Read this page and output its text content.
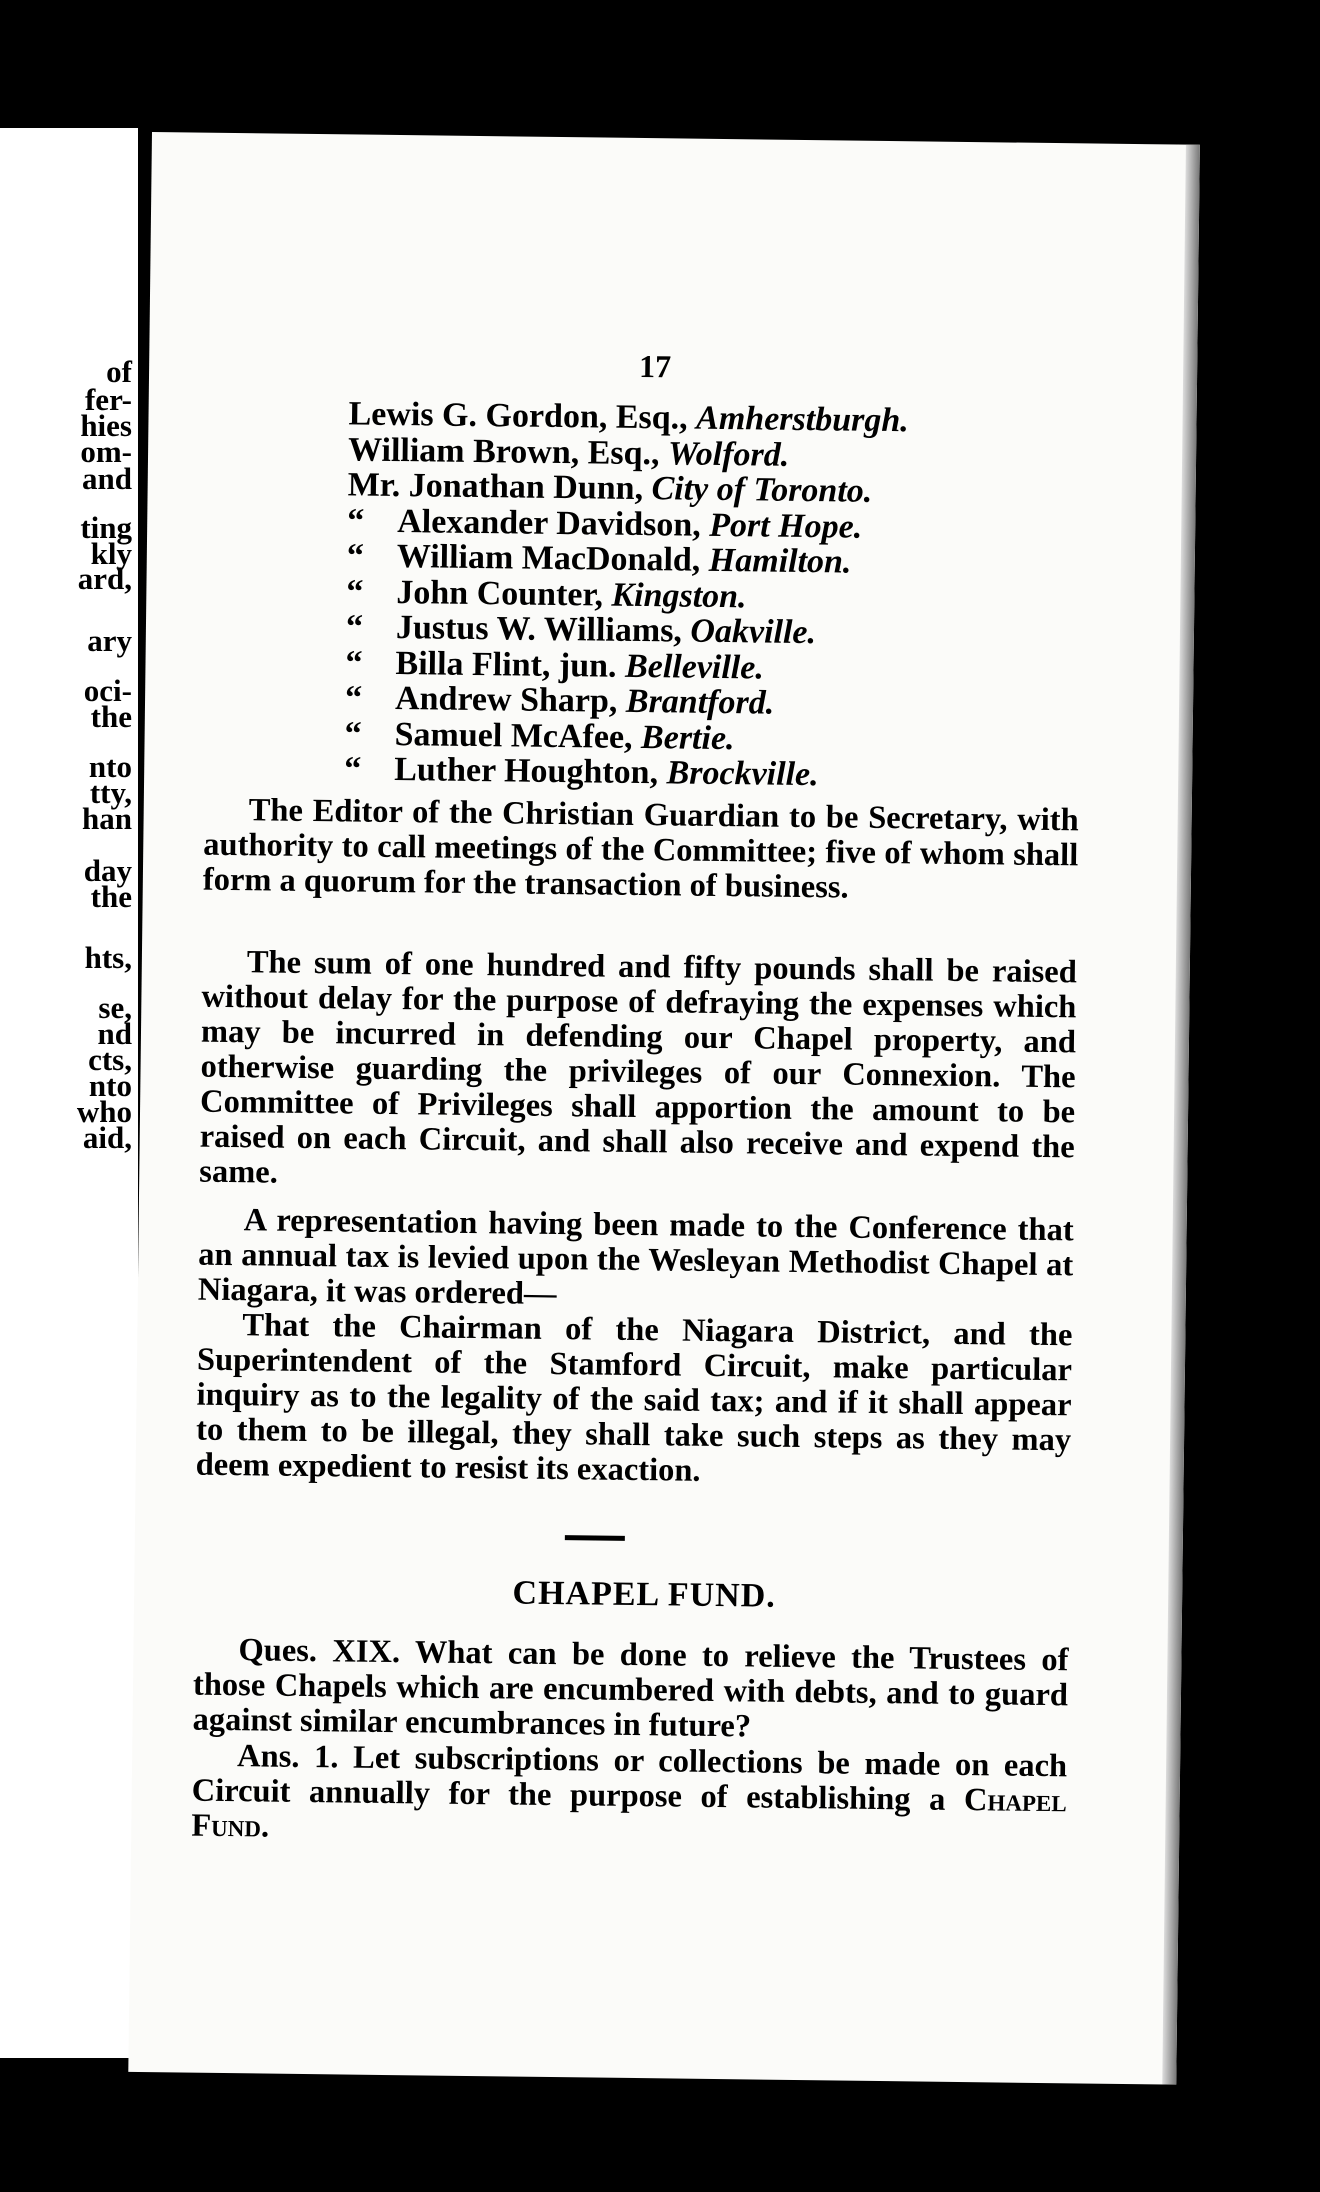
of
fer-
hies
om-
and
ting
kly
ard,
ary
oci-
the
nto
tty,
han
day
the
hts,
se,
nd
cts,
nto
who
aid,
17
Lewis G. Gordon, Esq., Amherstburgh.
William Brown, Esq., Wolford.
Mr. Jonathan Dunn, City of Toronto.
“ Alexander Davidson, Port Hope.
“ William MacDonald, Hamilton.
“ John Counter, Kingston.
“ Justus W. Williams, Oakville.
“ Billa Flint, jun. Belleville.
“ Andrew Sharp, Brantford.
“ Samuel McAfee, Bertie.
“ Luther Houghton, Brockville.

The Editor of the Christian Guardian to be Secretary, with authority to call meetings of the Committee; five of whom shall form a quorum for the transaction of business.

The sum of one hundred and fifty pounds shall be raised without delay for the purpose of defraying the expenses which may be incurred in defending our Chapel property, and otherwise guarding the privileges of our Connexion. The Committee of Privileges shall apportion the amount to be raised on each Circuit, and shall also receive and expend the same.

A representation having been made to the Conference that an annual tax is levied upon the Wesleyan Methodist Chapel at Niagara, it was ordered—

That the Chairman of the Niagara District, and the Superintendent of the Stamford Circuit, make particular inquiry as to the legality of the said tax; and if it shall appear to them to be illegal, they shall take such steps as they may deem expedient to resist its exaction.

CHAPEL FUND.

Ques. XIX. What can be done to relieve the Trustees of those Chapels which are encumbered with debts, and to guard against similar encumbrances in future?

Ans. 1. Let subscriptions or collections be made on each Circuit annually for the purpose of establishing a Chapel Fund.
